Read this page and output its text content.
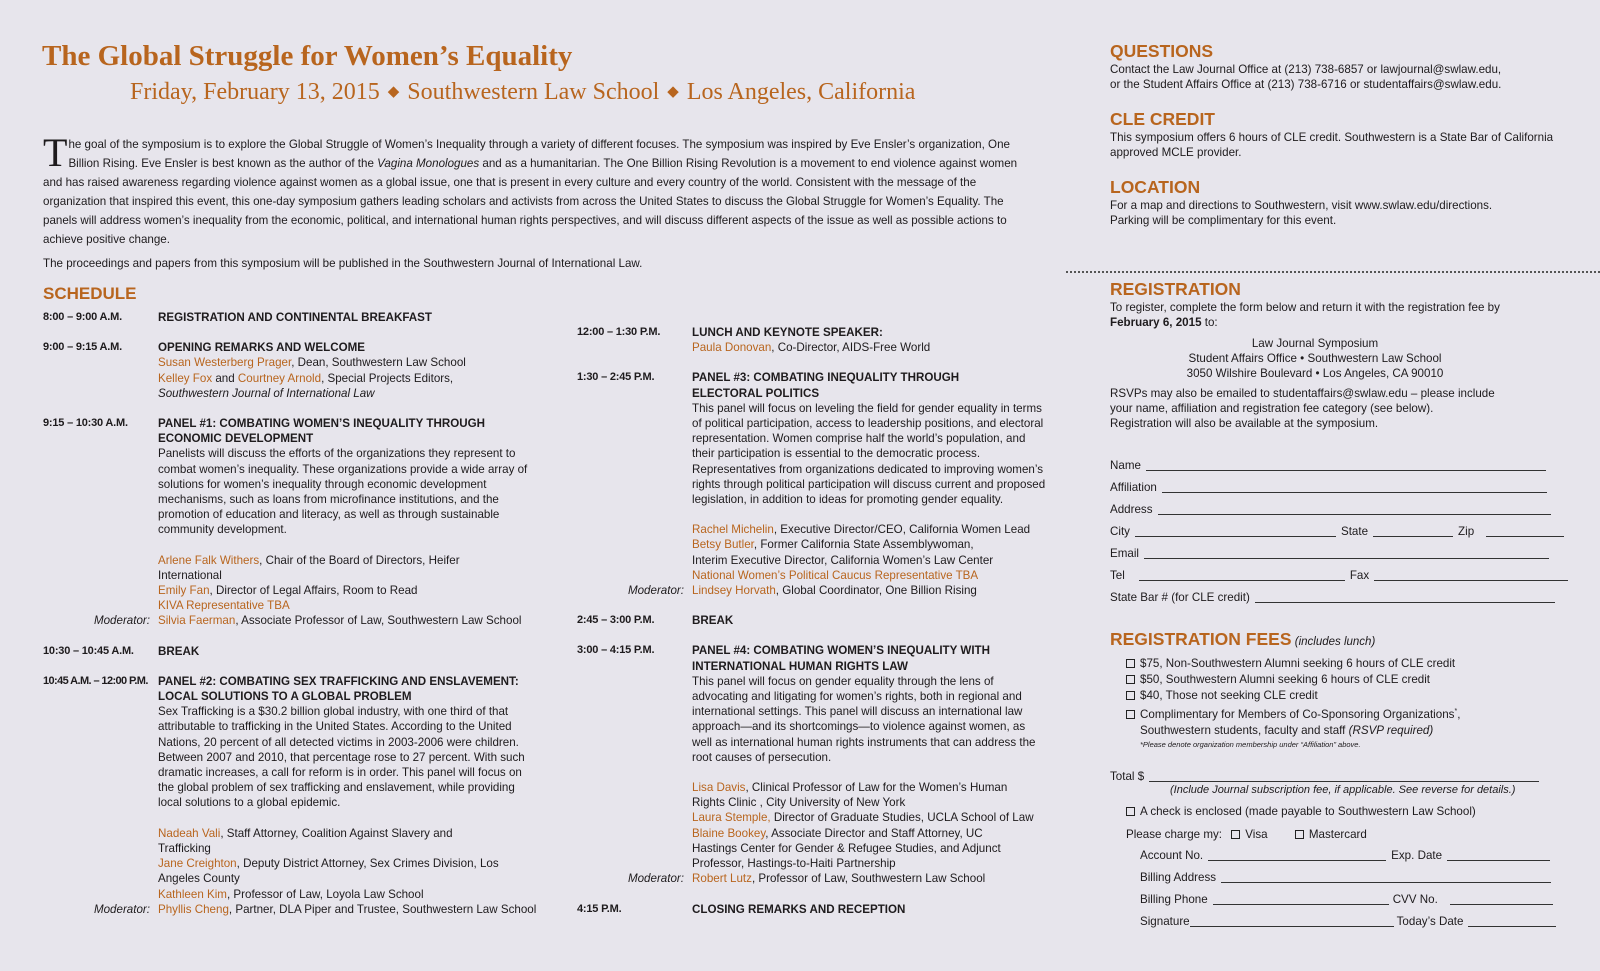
The Global Struggle for Women’s Equality
Friday, February 13, 2015 ◆ Southwestern Law School ◆ Los Angeles, California
The goal of the symposium is to explore the Global Struggle of Women’s Inequality through a variety of different focuses. The symposium was inspired by Eve Ensler’s organization, One Billion Rising. Eve Ensler is best known as the author of the Vagina Monologues and as a humanitarian. The One Billion Rising Revolution is a movement to end violence against women and has raised awareness regarding violence against women as a global issue, one that is present in every culture and every country of the world. Consistent with the message of the organization that inspired this event, this one-day symposium gathers leading scholars and activists from across the United States to discuss the Global Struggle for Women’s Equality. The panels will address women’s inequality from the economic, political, and international human rights perspectives, and will discuss different aspects of the issue as well as possible actions to achieve positive change.
The proceedings and papers from this symposium will be published in the Southwestern Journal of International Law.
SCHEDULE
8:00 – 9:00 A.M.	REGISTRATION AND CONTINENTAL BREAKFAST
9:00 – 9:15 A.M.	OPENING REMARKS AND WELCOME
Susan Westerberg Prager, Dean, Southwestern Law School
Kelley Fox and Courtney Arnold, Special Projects Editors,
Southwestern Journal of International Law
9:15 – 10:30 A.M.	PANEL #1: COMBATING WOMEN’S INEQUALITY THROUGH ECONOMIC DEVELOPMENT
Panelists will discuss the efforts of the organizations they represent to combat women’s inequality. These organizations provide a wide array of solutions for women’s inequality through economic development mechanisms, such as loans from microfinance institutions, and the promotion of education and literacy, as well as through sustainable community development.
Arlene Falk Withers, Chair of the Board of Directors, Heifer International
Emily Fan, Director of Legal Affairs, Room to Read
KIVA Representative TBA
Moderator: Silvia Faerman, Associate Professor of Law, Southwestern Law School
10:30 – 10:45 A.M.	BREAK
10:45 A.M. – 12:00 P.M. PANEL #2: COMBATING SEX TRAFFICKING AND ENSLAVEMENT: LOCAL SOLUTIONS TO A GLOBAL PROBLEM
Sex Trafficking is a $30.2 billion global industry, with one third of that attributable to trafficking in the United States. According to the United Nations, 20 percent of all detected victims in 2003-2006 were children. Between 2007 and 2010, that percentage rose to 27 percent. With such dramatic increases, a call for reform is in order. This panel will focus on the global problem of sex trafficking and enslavement, while providing local solutions to a global epidemic.
Nadeah Vali, Staff Attorney, Coalition Against Slavery and Trafficking
Jane Creighton, Deputy District Attorney, Sex Crimes Division, Los Angeles County
Kathleen Kim, Professor of Law, Loyola Law School
Moderator: Phyllis Cheng, Partner, DLA Piper and Trustee, Southwestern Law School
12:00 – 1:30 P.M.	LUNCH AND KEYNOTE SPEAKER:
Paula Donovan, Co-Director, AIDS-Free World
1:30 – 2:45 P.M.	PANEL #3: COMBATING INEQUALITY THROUGH ELECTORAL POLITICS
This panel will focus on leveling the field for gender equality in terms of political participation, access to leadership positions, and electoral representation. Women comprise half the world’s population, and their participation is essential to the democratic process. Representatives from organizations dedicated to improving women’s rights through political participation will discuss current and proposed legislation, in addition to ideas for promoting gender equality.
Rachel Michelin, Executive Director/CEO, California Women Lead
Betsy Butler, Former California State Assemblywoman, Interim Executive Director, California Women’s Law Center
National Women’s Political Caucus Representative TBA
Moderator: Lindsey Horvath, Global Coordinator, One Billion Rising
2:45 – 3:00 P.M.	BREAK
3:00 – 4:15 P.M.	PANEL #4: COMBATING WOMEN’S INEQUALITY WITH INTERNATIONAL HUMAN RIGHTS LAW
This panel will focus on gender equality through the lens of advocating and litigating for women’s rights, both in regional and international settings. This panel will discuss an international law approach—and its shortcomings—to violence against women, as well as international human rights instruments that can address the root causes of persecution.
Lisa Davis, Clinical Professor of Law for the Women’s Human Rights Clinic , City University of New York
Laura Stemple, Director of Graduate Studies, UCLA School of Law
Blaine Bookey, Associate Director and Staff Attorney, UC Hastings Center for Gender & Refugee Studies, and Adjunct Professor, Hastings-to-Haiti Partnership
Moderator: Robert Lutz, Professor of Law, Southwestern Law School
4:15 P.M.	CLOSING REMARKS AND RECEPTION
QUESTIONS
Contact the Law Journal Office at (213) 738-6857 or lawjournal@swlaw.edu,
or the Student Affairs Office at (213) 738-6716 or studentaffairs@swlaw.edu.
CLE CREDIT
This symposium offers 6 hours of CLE credit. Southwestern is a State Bar of California
approved MCLE provider.
LOCATION
For a map and directions to Southwestern, visit www.swlaw.edu/directions.
Parking will be complimentary for this event.
REGISTRATION
To register, complete the form below and return it with the registration fee by
February 6, 2015 to:
Law Journal Symposium
Student Affairs Office • Southwestern Law School
3050 Wilshire Boulevard • Los Angeles, CA 90010
RSVPs may also be emailed to studentaffairs@swlaw.edu – please include
your name, affiliation and registration fee category (see below).
Registration will also be available at the symposium.
Name
Affiliation
Address
City	State	Zip
Email
Tel	Fax
State Bar # (for CLE credit)
REGISTRATION FEES (includes lunch)
$75, Non-Southwestern Alumni seeking 6 hours of CLE credit
$50, Southwestern Alumni seeking 6 hours of CLE credit
$40, Those not seeking CLE credit
Complimentary for Members of Co-Sponsoring Organizations*,
Southwestern students, faculty and staff (RSVP required)
*Please denote organization membership under “Affiliation” above.
Total $
(Include Journal subscription fee, if applicable. See reverse for details.)
A check is enclosed (made payable to Southwestern Law School)
Please charge my: Visa	Mastercard
Account No.	Exp. Date
Billing Address
Billing Phone	CVV No.
Signature	Today’s Date
